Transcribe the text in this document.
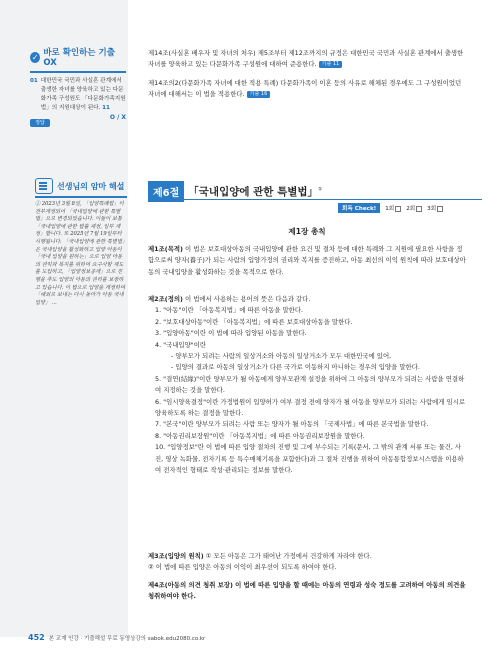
✓ 바로 확인하는 기출 OX
01 대한민국 국민과 사실혼 관계에서 출생한 자녀를 양육하고 있는 다문화가족 구성원도 「다문화가족지원법」의 지원대상이 된다. 11
O / X
정답
선생님의 암마 해설
① 2023년 3월 8일, 「입양특례법」이 전부개정되어 「국내입양에 관한 특별법」으로 변경되었습니다. 이들이 보통 「국내입양에 관한 법률 제정, 일부 개정」합니다. 또 2025년 7월 19일부터 시행됩니다. 「국내입양에 관한 특별법」은 국내입양을 활성화하고 입양 아동이 「국내 입양을 원하는」으로 입양 아동의 권익과 복지를 위하여 요구사항 제도를 도입하고, 「입양정보공개」으로 진행을 추도 입양의 아동의 권리를 보장하고 있습니다. 이 법으로 입양을 개정하여 「해외로 보내는 다시 돌아가 아동 국내입양」 ...

제14조(사실혼 배우자 및 자녀의 처우) 제5조부터 제12조까지의 규정은 대한민국 국민과 사실혼 관계에서 출생한 자녀를 양육하고 있는 다문화가족 구성원에 대하여 준용한다. 기출 11

제14조의2(다문화가족 자녀에 대한 적용 특례) 다문화가족이 이혼 등의 사유로 해체된 경우에도 그 구성원이었던 자녀에 대해서는 이 법을 적용한다. 기출 16

제6절 「국내입양에 관한 특별법」①
회독 Check!	1회	2회	3회
제1장 총칙
제1조(목적) 이 법은 보호대상아동의 국내입양에 관한 요건 및 절차 등에 대한 특례와 그 지원에 필요한 사항을 정함으로써 양자(養子)가 되는 사람의 입양가정의 권리와 복지를 증진하고, 아동 최선의 이익 원칙에 따라 보호대상아동의 국내입양을 활성화하는 것을 목적으로 한다.
제2조(정의) 이 법에서 사용하는 용어의 뜻은 다음과 같다.
1. "아동"이란 「아동복지법」에 따른 아동을 말한다.
2. "보호대상아동"이란 「아동복지법」에 따른 보호대상아동을 말한다.
3. "입양아동"이란 이 법에 따라 입양된 아동을 말한다.
4. "국내입양"이란
- 양부모가 되려는 사람의 일상거소와 아동의 일상거소가 모두 대한민국에 있어,
- 입양의 결과로 아동의 일상거소가 다른 국가로 이동하지 아니하는 경우의 입양을 말한다.
5. "결연(結緣)"이란 양부모가 될 아동에게 양부모관계 설정을 위하여 그 아동의 양부모가 되려는 사람을 연결하여 지정하는 것을 말한다.
6. "임시양육결정"이란 가정법원이 입양허가 여부 결정 전에 양자가 될 아동을 양부모가 되려는 사람에게 임시로 양육하도록 하는 결정을 말한다.
7. "본국"이란 양부모가 되려는 사람 또는 양자가 될 아동의 「국제사법」에 따른 본국법을 말한다.
8. "아동권리보장원"이란 「아동복지법」에 따른 아동권리보장원을 말한다.
10. "입양정보"란 이 법에 따른 입양 절차의 진행 및 그에 부수되는 기록(문서, 그 밖의 관계 서류 또는 물건, 사진, 영상 녹화물, 전자기록 등 특수매체기록을 포함한다)과 그 절차 진행을 위하여 아동통합정보시스템을 이용하여 전자적인 형태로 작성·관리되는 정보를 말한다.
제3조(입양의 원칙) ① 모든 아동은 그가 태어난 가정에서 건강하게 자라야 한다.
② 이 법에 따른 입양은 아동의 이익이 최우선이 되도록 하여야 한다.
제4조(아동의 의견 청취 보장) 이 법에 따른 입양을 할 때에는 아동의 연령과 성숙 정도를 고려하여 아동의 의견을 청취하여야 한다.
452 본 교재 인강 · 기출해설 무료 동영상강의 sabok.edu2080.co.kr
